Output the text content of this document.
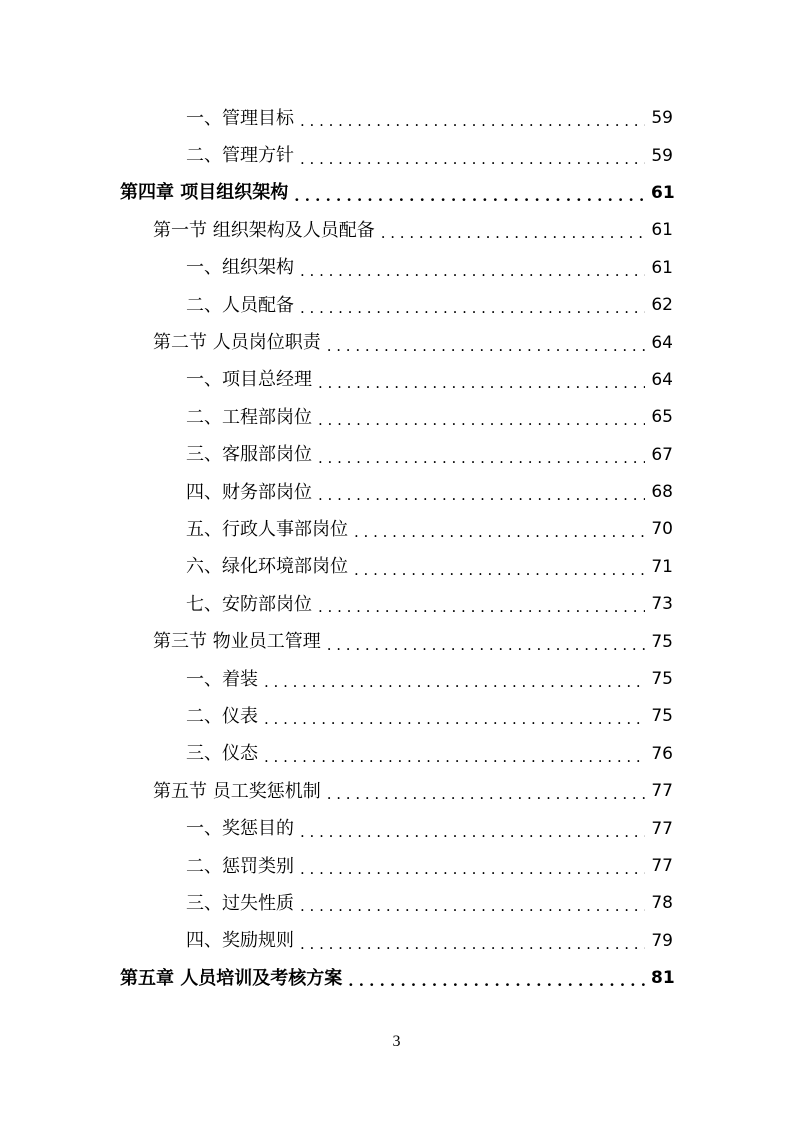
一、管理目标 . . .	59
二、管理方针 . . .	59
第四章 项目组织架构 . . .	61
第一节 组织架构及人员配备 . . .	61
一、组织架构 . . .	61
二、人员配备 . . .	62
第二节 人员岗位职责 . . .	64
一、项目总经理 . . .	64
二、工程部岗位 . . .	65
三、客服部岗位 . . .	67
四、财务部岗位 . . .	68
五、行政人事部岗位 . . .	70
六、绿化环境部岗位 . . .	71
七、安防部岗位 . . .	73
第三节 物业员工管理 . . .	75
一、着装 . . .	75
二、仪表 . . .	75
三、仪态 . . .	76
第五节 员工奖惩机制 . . .	77
一、奖惩目的 . . .	77
二、惩罚类别 . . .	77
三、过失性质 . . .	78
四、奖励规则 . . .	79
第五章 人员培训及考核方案 . . .	81
3
